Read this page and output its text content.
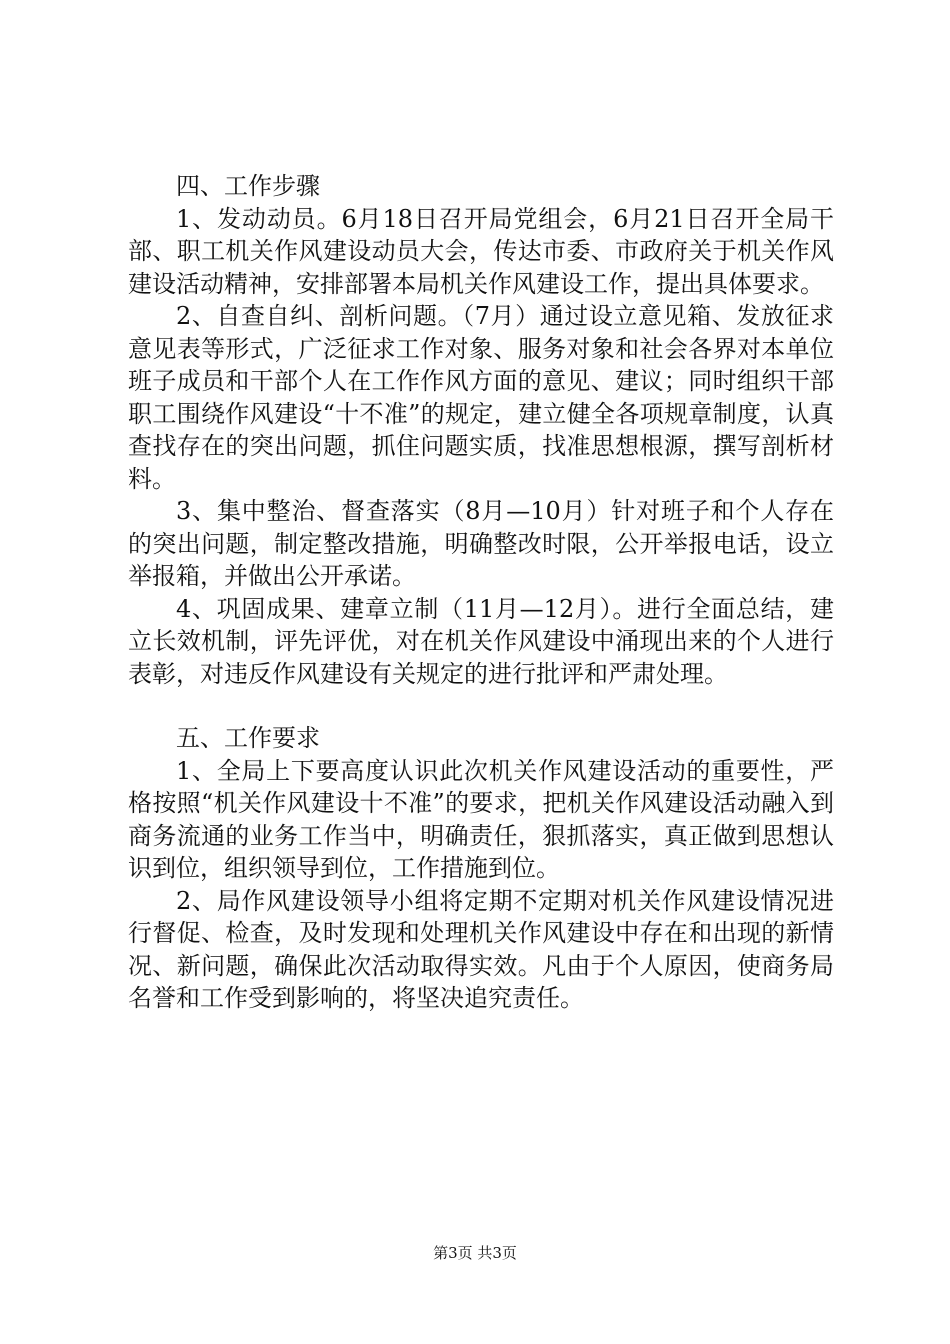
四、工作步骤

1、发动动员。6月18日召开局党组会，6月21日召开全局干部、职工机关作风建设动员大会，传达市委、市政府关于机关作风建设活动精神，安排部署本局机关作风建设工作，提出具体要求。

2、自查自纠、剖析问题。（7月）通过设立意见箱、发放征求意见表等形式，广泛征求工作对象、服务对象和社会各界对本单位班子成员和干部个人在工作作风方面的意见、建议；同时组织干部职工围绕作风建设“十不准”的规定，建立健全各项规章制度，认真查找存在的突出问题，抓住问题实质，找准思想根源，撰写剖析材料。

3、集中整治、督查落实（8月—10月）针对班子和个人存在的突出问题，制定整改措施，明确整改时限，公开举报电话，设立举报箱，并做出公开承诺。

4、巩固成果、建章立制（11月—12月）。进行全面总结，建立长效机制，评先评优，对在机关作风建设中涌现出来的个人进行表彰，对违反作风建设有关规定的进行批评和严肃处理。

五、工作要求

1、全局上下要高度认识此次机关作风建设活动的重要性，严格按照“机关作风建设十不准”的要求，把机关作风建设活动融入到商务流通的业务工作当中，明确责任，狠抓落实，真正做到思想认识到位，组织领导到位，工作措施到位。

2、局作风建设领导小组将定期不定期对机关作风建设情况进行督促、检查，及时发现和处理机关作风建设中存在和出现的新情况、新问题，确保此次活动取得实效。凡由于个人原因，使商务局名誉和工作受到影响的，将坚决追究责任。

第3页 共3页
